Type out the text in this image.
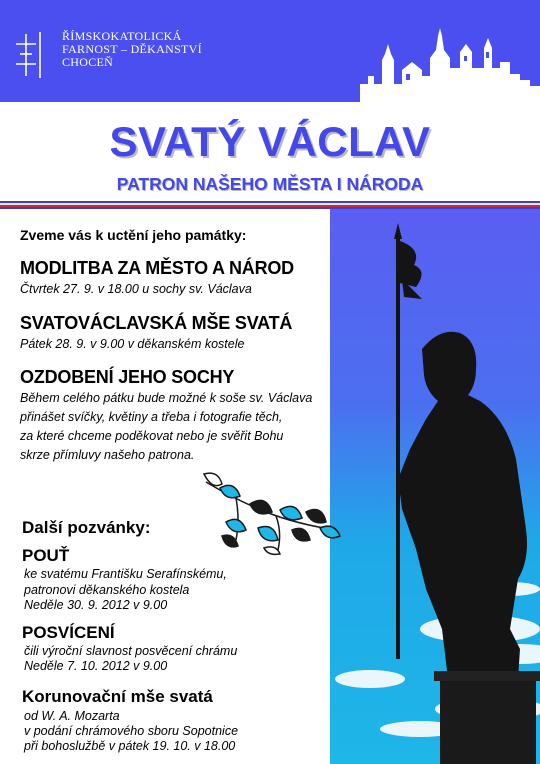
ŘÍMSKOKATOLICKÁ
FARNOST – DĚKANSTVÍ
CHOCEŇ
SVATÝ VÁCLAV
PATRON NAŠEHO MĚSTA I NÁRODA
Zveme vás k uctění jeho památky:
MODLITBA ZA MĚSTO A NÁROD
Čtvrtek 27. 9. v 18.00 u sochy sv. Václava
SVATOVÁCLAVSKÁ MŠE SVATÁ
Pátek 28. 9. v 9.00 v děkanském kostele
OZDOBENÍ JEHO SOCHY
Během celého pátku bude možné k soše sv. Václava
přinášet svíčky, květiny a třeba i fotografie těch,
za které chceme poděkovat nebo je svěřit Bohu
skrze přímluvy našeho patrona.
Další pozvánky:
POUŤ
ke svatému Františku Serafínskému,
patronovi děkanského kostela
Neděle 30. 9. 2012 v 9.00
POSVÍCENÍ
čili výroční slavnost posvěcení chrámu
Neděle 7. 10. 2012 v 9.00
Korunovační mše svatá
od W. A. Mozarta
v podání chrámového sboru Sopotnice
při bohoslužbě v pátek 19. 10. v 18.00
